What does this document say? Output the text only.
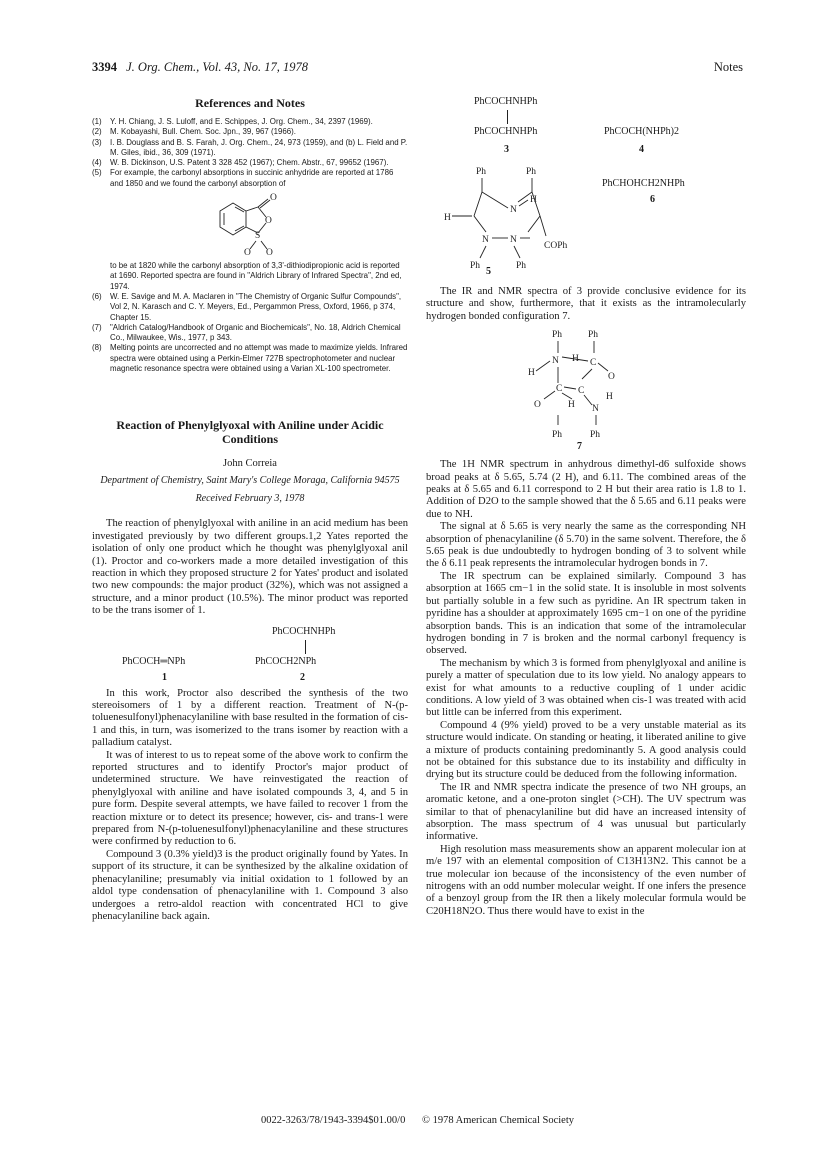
3394 J. Org. Chem., Vol. 43, No. 17, 1978	Notes
References and Notes
(1) Y. H. Chiang, J. S. Luloff, and E. Schippes, J. Org. Chem., 34, 2397 (1969).
(2) M. Kobayashi, Bull. Chem. Soc. Jpn., 39, 967 (1966).
(3) I. B. Douglass and B. S. Farah, J. Org. Chem., 24, 973 (1959), and (b) L. Field and P. M. Giles, ibid., 36, 309 (1971).
(4) W. B. Dickinson, U.S. Patent 3 328 452 (1967); Chem. Abstr., 67, 99652 (1967).
(5) For example, the carbonyl absorptions in succinic anhydride are reported at 1786 and 1850 and we found the carbonyl absorption of
O
O
S
O O
to be at 1820 while the carbonyl absorption of 3,3'-dithiodipropionic acid is reported at 1690. Reported spectra are found in "Aldrich Library of Infrared Spectra", 2nd ed, 1974.
(6) W. E. Savige and M. A. Maclaren in "The Chemistry of Organic Sulfur Compounds", Vol 2, N. Karasch and C. Y. Meyers, Ed., Pergammon Press, Oxford, 1966, p 374, Chapter 15.
(7) "Aldrich Catalog/Handbook of Organic and Biochemicals", No. 18, Aldrich Chemical Co., Milwaukee, Wis., 1977, p 343.
(8) Melting points are uncorrected and no attempt was made to maximize yields. Infrared spectra were obtained using a Perkin-Elmer 727B spectrophotometer and nuclear magnetic resonance spectra were obtained using a Varian XL-100 spectrometer.
Reaction of Phenylglyoxal with Aniline under Acidic Conditions
John Correia
Department of Chemistry, Saint Mary's College Moraga, California 94575
Received February 3, 1978

The reaction of phenylglyoxal with aniline in an acid medium has been investigated previously by two different groups.1,2 Yates reported the isolation of only one product which he thought was phenylglyoxal anil (1). Proctor and co-workers made a more detailed investigation of this reaction in which they proposed structure 2 for Yates' product and isolated two new compounds: the major product (32%), which was not assigned a structure, and a minor product (10.5%). The minor product was reported to be the trans isomer of 1.

PhCOCHNHPh
PhCOCH═NPh	PhCOCH2NPh
1	2

In this work, Proctor also described the synthesis of the two stereoisomers of 1 by a different reaction. Treatment of N-(p-toluenesulfonyl)phenacylaniline with base resulted in the formation of cis-1 and this, in turn, was isomerized to the trans isomer by reaction with a palladium catalyst.

It was of interest to us to repeat some of the above work to confirm the reported structures and to identify Proctor's major product of undetermined structure. We have reinvestigated the reaction of phenylglyoxal with aniline and have isolated compounds 3, 4, and 5 in pure form. Despite several attempts, we have failed to recover 1 from the reaction mixture or to detect its presence; however, cis- and trans-1 were prepared from N-(p-toluenesulfonyl)phenacylaniline and these structures were confirmed by reduction to 6.

Compound 3 (0.3% yield)3 is the product originally found by Yates. In support of its structure, it can be synthesized by the alkaline oxidation of phenacylaniline; presumably via initial oxidation to 1 followed by an aldol type condensation of phenacylaniline with 1. Compound 3 also undergoes a retro-aldol reaction with concentrated HCl to give phenacylaniline back again.

PhCOCHNHPh
PhCOCHNHPh	PhCOCH(NHPh)2
3	4
Ph	Ph
N
H
H
N N
COPh
Ph	Ph
5
PhCHOHCH2NHPh
6

The IR and NMR spectra of 3 provide conclusive evidence for its structure and show, furthermore, that it exists as the intramolecularly hydrogen bonded configuration 7.

Ph	Ph
N H C
O
H
C C
O	N
H
H
Ph	Ph
7

The 1H NMR spectrum in anhydrous dimethyl-d6 sulfoxide shows broad peaks at δ 5.65, 5.74 (2 H), and 6.11. The combined areas of the peaks at δ 5.65 and 6.11 correspond to 2 H but their area ratio is 1.8 to 1. Addition of D2O to the sample showed that the δ 5.65 and 6.11 peaks were due to NH.

The signal at δ 5.65 is very nearly the same as the corresponding NH absorption of phenacylaniline (δ 5.70) in the same solvent. Therefore, the δ 5.65 peak is due undoubtedly to hydrogen bonding of 3 to solvent while the δ 6.11 peak represents the intramolecular hydrogen bonds in 7.

The IR spectrum can be explained similarly. Compound 3 has absorption at 1665 cm−1 in the solid state. It is insoluble in most solvents but partially soluble in a few such as pyridine. An IR spectrum taken in pyridine has a shoulder at approximately 1695 cm−1 on one of the pyridine absorption bands. This is an indication that some of the intramolecular hydrogen bonding in 7 is broken and the normal carbonyl frequency is observed.

The mechanism by which 3 is formed from phenylglyoxal and aniline is purely a matter of speculation due to its low yield. No analogy appears to exist for what amounts to a reductive coupling of 1 under acidic conditions. A low yield of 3 was obtained when cis-1 was treated with acid but little can be inferred from this experiment.

Compound 4 (9% yield) proved to be a very unstable material as its structure would indicate. On standing or heating, it liberated aniline to give a mixture of products containing predominantly 5. A good analysis could not be obtained for this substance due to its instability and difficulty in drying but its structure could be deduced from the following information.

The IR and NMR spectra indicate the presence of two NH groups, an aromatic ketone, and a one-proton singlet (>CH). The UV spectrum was similar to that of phenacylaniline but did have an increased intensity of absorption. The mass spectrum of 4 was unusual but particularly informative.

High resolution mass measurements show an apparent molecular ion at m/e 197 with an elemental composition of C13H13N2. This cannot be a true molecular ion because of the inconsistency of the even number of nitrogens with an odd number molecular weight. If one infers the presence of a benzoyl group from the IR then a likely molecular formula would be C20H18N2O. Thus there would have to exist in the

0022-3263/78/1943-3394$01.00/0 © 1978 American Chemical Society
